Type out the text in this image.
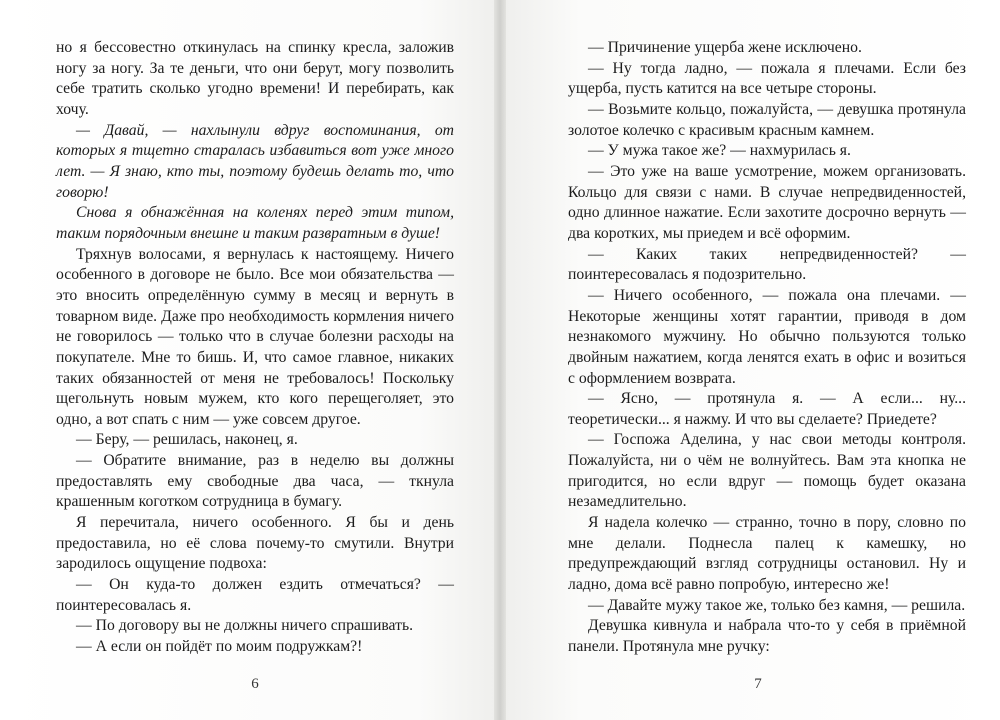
но я бессовестно откинулась на спинку кресла, заложив ногу за ногу. За те деньги, что они берут, могу позволить себе тратить сколько угодно времени! И перебирать, как хочу.

— Давай, — нахлынули вдруг воспоминания, от которых я тщетно старалась избавиться вот уже много лет. — Я знаю, кто ты, поэтому будешь делать то, что говорю!

Снова я обнажённая на коленях перед этим типом, таким порядочным внешне и таким развратным в душе!

Тряхнув волосами, я вернулась к настоящему. Ничего особенного в договоре не было. Все мои обязательства — это вносить определённую сумму в месяц и вернуть в товарном виде. Даже про необходимость кормления ничего не говорилось — только что в случае болезни расходы на покупателе. Мне то бишь. И, что самое главное, никаких таких обязанностей от меня не требовалось! Поскольку щегольнуть новым мужем, кто кого перещеголяет, это одно, а вот спать с ним — уже совсем другое.

— Беру, — решилась, наконец, я.

— Обратите внимание, раз в неделю вы должны предоставлять ему свободные два часа, — ткнула крашенным коготком сотрудница в бумагу.

Я перечитала, ничего особенного. Я бы и день предоставила, но её слова почему-то смутили. Внутри зародилось ощущение подвоха:

— Он куда-то должен ездить отмечаться? — поинтересовалась я.

— По договору вы не должны ничего спрашивать.

— А если он пойдёт по моим подружкам?!

6

— Причинение ущерба жене исключено.

— Ну тогда ладно, — пожала я плечами. Если без ущерба, пусть катится на все четыре стороны.

— Возьмите кольцо, пожалуйста, — девушка протянула золотое колечко с красивым красным камнем.

— У мужа такое же? — нахмурилась я.

— Это уже на ваше усмотрение, можем организовать. Кольцо для связи с нами. В случае непредвиденностей, одно длинное нажатие. Если захотите досрочно вернуть — два коротких, мы приедем и всё оформим.

— Каких таких непредвиденностей? — поинтересовалась я подозрительно.

— Ничего особенного, — пожала она плечами. — Некоторые женщины хотят гарантии, приводя в дом незнакомого мужчину. Но обычно пользуются только двойным нажатием, когда ленятся ехать в офис и возиться с оформлением возврата.

— Ясно, — протянула я. — А если... ну... теоретически... я нажму. И что вы сделаете? Приедете?

— Госпожа Аделина, у нас свои методы контроля. Пожалуйста, ни о чём не волнуйтесь. Вам эта кнопка не пригодится, но если вдруг — помощь будет оказана незамедлительно.

Я надела колечко — странно, точно в пору, словно по мне делали. Поднесла палец к камешку, но предупреждающий взгляд сотрудницы остановил. Ну и ладно, дома всё равно попробую, интересно же!

— Давайте мужу такое же, только без камня, — решила.

Девушка кивнула и набрала что-то у себя в приёмной панели. Протянула мне ручку:

7
